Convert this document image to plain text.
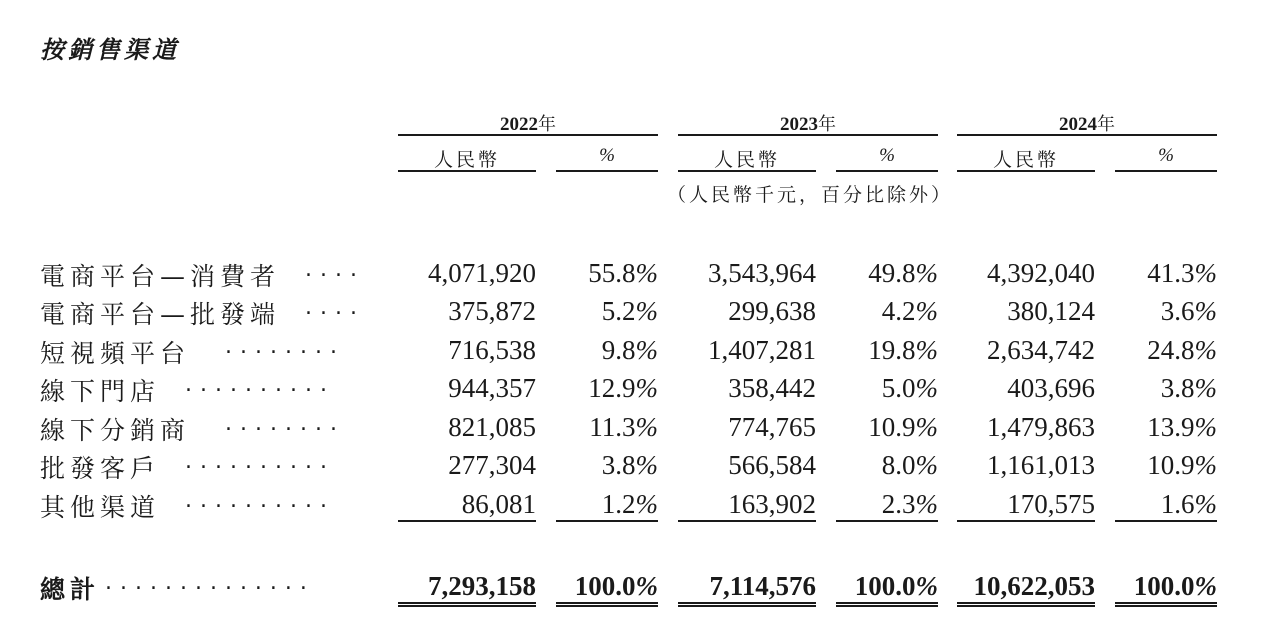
按銷售渠道
2022年	2023年	2024年
人民幣	%	人民幣	%	人民幣	%
（人民幣千元，百分比除外）
電商平台—消費者 ....	4,071,920	55.8%	3,543,964	49.8%	4,392,040	41.3%
電商平台—批發端 ....	375,872	5.2%	299,638	4.2%	380,124	3.6%
短視頻平台 ........	716,538	9.8%	1,407,281	19.8%	2,634,742	24.8%
線下門店 ..........	944,357	12.9%	358,442	5.0%	403,696	3.8%
線下分銷商 ........	821,085	11.3%	774,765	10.9%	1,479,863	13.9%
批發客戶 ..........	277,304	3.8%	566,584	8.0%	1,161,013	10.9%
其他渠道 ..........	86,081	1.2%	163,902	2.3%	170,575	1.6%
總計 ..............	7,293,158	100.0%	7,114,576	100.0%	10,622,053	100.0%
